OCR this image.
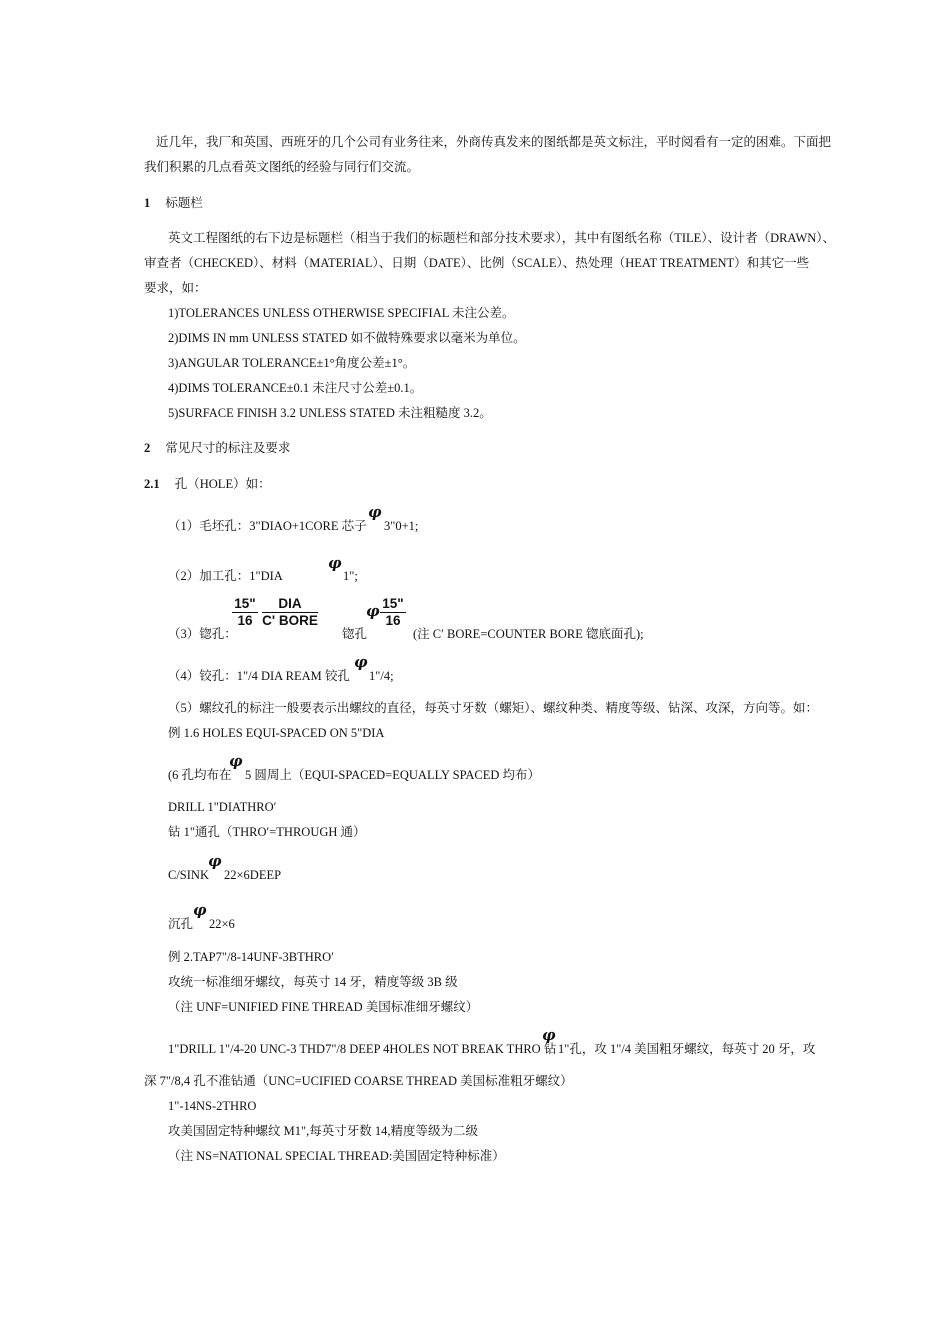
近几年，我厂和英国、西班牙的几个公司有业务往来，外商传真发来的图纸都是英文标注，平时阅看有一定的困难。下面把
我们积累的几点看英文图纸的经验与同行们交流。
1 标题栏
英文工程图纸的右下边是标题栏（相当于我们的标题栏和部分技术要求），其中有图纸名称（TILE）、设计者（DRAWN）、
审查者（CHECKED）、材料（MATERIAL）、日期（DATE）、比例（SCALE）、热处理（HEAT TREATMENT）和其它一些
要求，如：
1)TOLERANCES UNLESS OTHERWISE SPECIFIAL 未注公差。
2)DIMS IN mm UNLESS STATED 如不做特殊要求以毫米为单位。
3)ANGULAR TOLERANCE±1°角度公差±1°。
4)DIMS TOLERANCE±0.1 未注尺寸公差±0.1。
5)SURFACE FINISH 3.2 UNLESS STATED 未注粗糙度 3.2。
2 常见尺寸的标注及要求
2.1 孔（HOLE）如：
（1）毛坯孔：3"DIAO+1CORE 芯子
φ
3"0+1;
（2）加工孔：1"DIA
φ
1";
（3）锪孔：
$\frac{15"}{16}$	DIA
C' BORE
锪孔
φ $\frac{15"}{16}$
(注 C′ BORE=COUNTER BORE 锪底面孔);
（4）铰孔：1"/4 DIA REAM 铰孔
φ
1"/4;
（5）螺纹孔的标注一般要表示出螺纹的直径，每英寸牙数（螺矩）、螺纹种类、精度等级、钻深、攻深，方向等。如：
例 1.6 HOLES EQUI-SPACED ON 5"DIA
(6 孔均布在
φ
5 圆周上（EQUI-SPACED=EQUALLY SPACED 均布）
DRILL 1"DIATHRO′
钻 1"通孔（THRO′=THROUGH 通）
C/SINK
φ
22×6DEEP
沉孔
φ
22×6
例 2.TAP7"/8-14UNF-3BTHRO′
攻统一标准细牙螺纹，每英寸 14 牙，精度等级 3B 级
（注 UNF=UNIFIED FINE THREAD 美国标准细牙螺纹）
1"DRILL 1"/4-20 UNC-3 THD7"/8 DEEP 4HOLES NOT BREAK THRO 钻
φ
1"孔，攻 1"/4 美国粗牙螺纹，每英寸 20 牙，攻
深 7"/8,4 孔不准钻通（UNC=UCIFIED COARSE THREAD 美国标准粗牙螺纹）
1"-14NS-2THRO
攻美国固定特种螺纹 M1",每英寸牙数 14,精度等级为二级
（注 NS=NATIONAL SPECIAL THREAD:美国固定特种标准）
